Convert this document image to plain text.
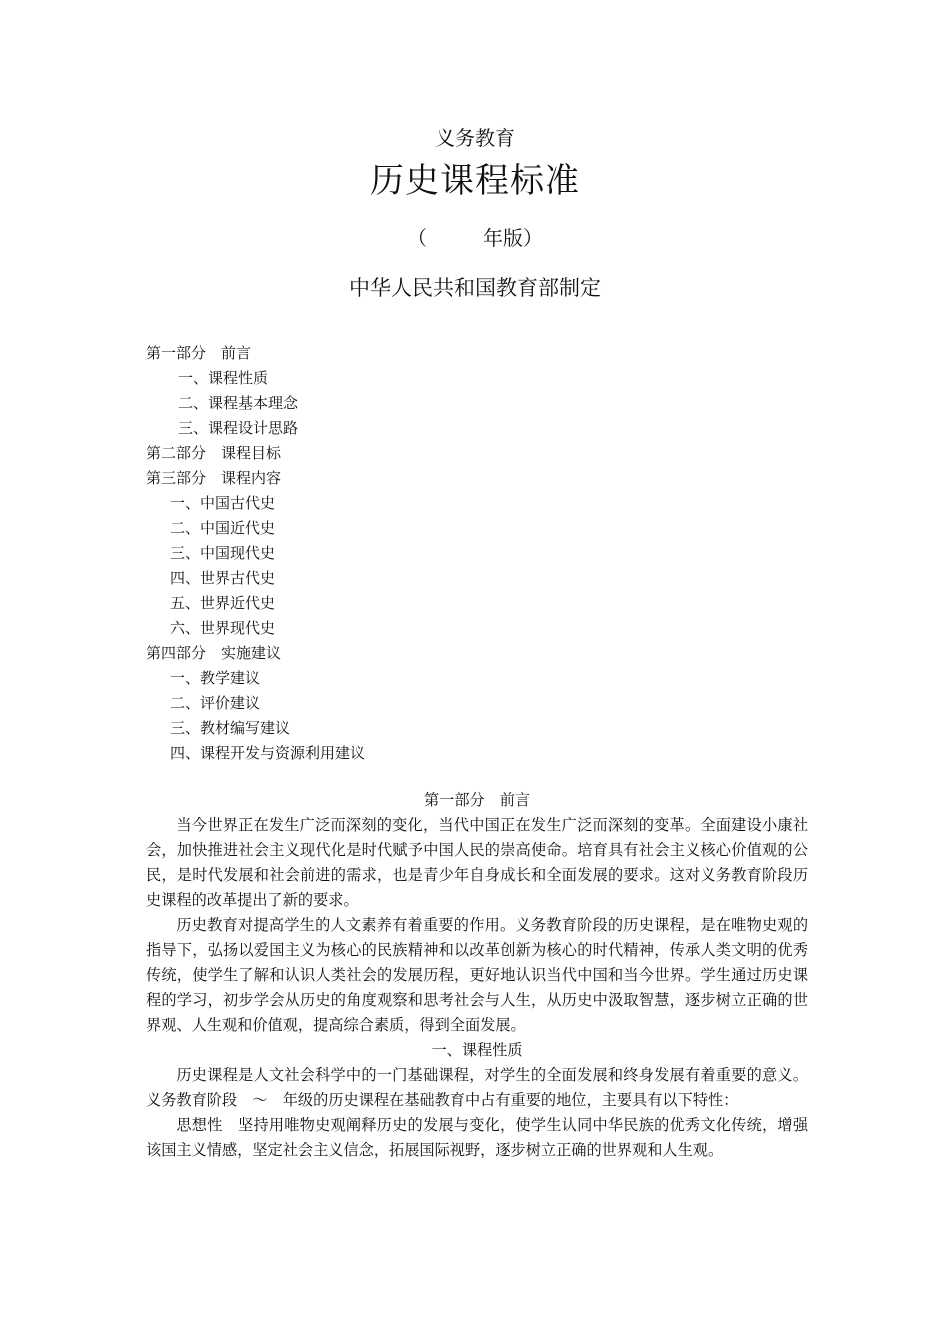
义务教育
历史课程标准
（	年版）
中华人民共和国教育部制定
第一部分 前言
一、课程性质
二、课程基本理念
三、课程设计思路
第二部分 课程目标
第三部分 课程内容
一、中国古代史
二、中国近代史
三、中国现代史
四、世界古代史
五、世界近代史
六、世界现代史
第四部分 实施建议
一、教学建议
二、评价建议
三、教材编写建议
四、课程开发与资源利用建议
第一部分 前言

当今世界正在发生广泛而深刻的变化，当代中国正在发生广泛而深刻的变革。全面建设小康社会，加快推进社会主义现代化是时代赋予中国人民的崇高使命。培育具有社会主义核心价值观的公民，是时代发展和社会前进的需求，也是青少年自身成长和全面发展的要求。这对义务教育阶段历史课程的改革提出了新的要求。

历史教育对提高学生的人文素养有着重要的作用。义务教育阶段的历史课程，是在唯物史观的指导下，弘扬以爱国主义为核心的民族精神和以改革创新为核心的时代精神，传承人类文明的优秀传统，使学生了解和认识人类社会的发展历程，更好地认识当代中国和当今世界。学生通过历史课程的学习，初步学会从历史的角度观察和思考社会与人生，从历史中汲取智慧，逐步树立正确的世界观、人生观和价值观，提高综合素质，得到全面发展。

一、课程性质

历史课程是人文社会科学中的一门基础课程，对学生的全面发展和终身发展有着重要的意义。义务教育阶段　～　年级的历史课程在基础教育中占有重要的地位，主要具有以下特性：

思想性　坚持用唯物史观阐释历史的发展与变化，使学生认同中华民族的优秀文化传统，增强该国主义情感，坚定社会主义信念，拓展国际视野，逐步树立正确的世界观和人生观。
